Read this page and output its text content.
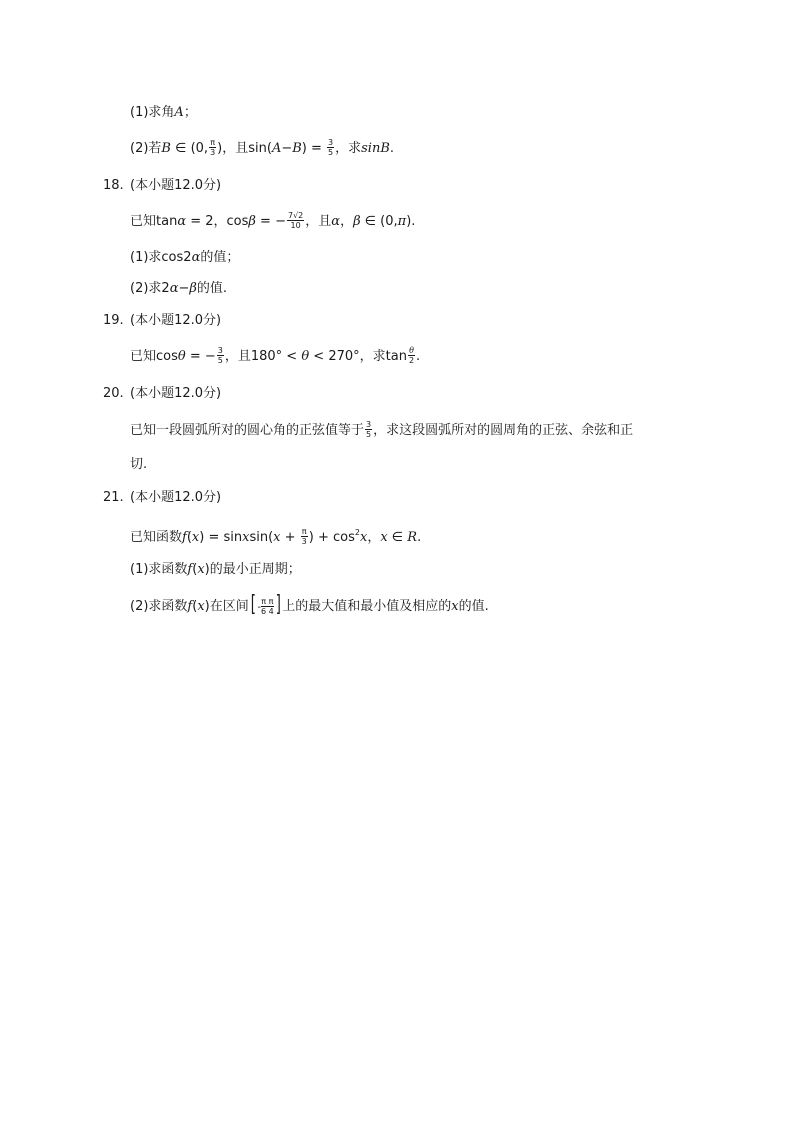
(1)求角A；
(2)若B ∈ (0, $\frac{\pi}{3}$ )，且$\sin(A-B) = \frac{3}{5}$ ，求sinB.
18. (本小题12.0分)
已知tanα = 2，cosβ = − $\frac{7√2}{10}$ ，且α，β ∈ (0,π).
(1)求cos2α的值；
(2)求2α−β的值.
19. (本小题12.0分)
已知cosθ = − $\frac{3}{5}$ ，且180° < θ < 270°，求$\tan \frac{\theta}{2}$ .
20. (本小题12.0分)
已知一段圆弧所对的圆心角的正弦值等于 $\frac{3}{5}$ ，求这段圆弧所对的圆周角的正弦、余弦和正
切.
21. (本小题12.0分)
已知函数f(x) = sinxsin(x + $\frac{\pi}{3}$ ) + $\cos^2x$，x ∈ R.
(1)求函数f(x)的最小正周期；
(2)求函数f(x)在区间[ - $\frac{\text{π π}}{6 4}$ ] 上的最大值和最小值及相应的x的值.
